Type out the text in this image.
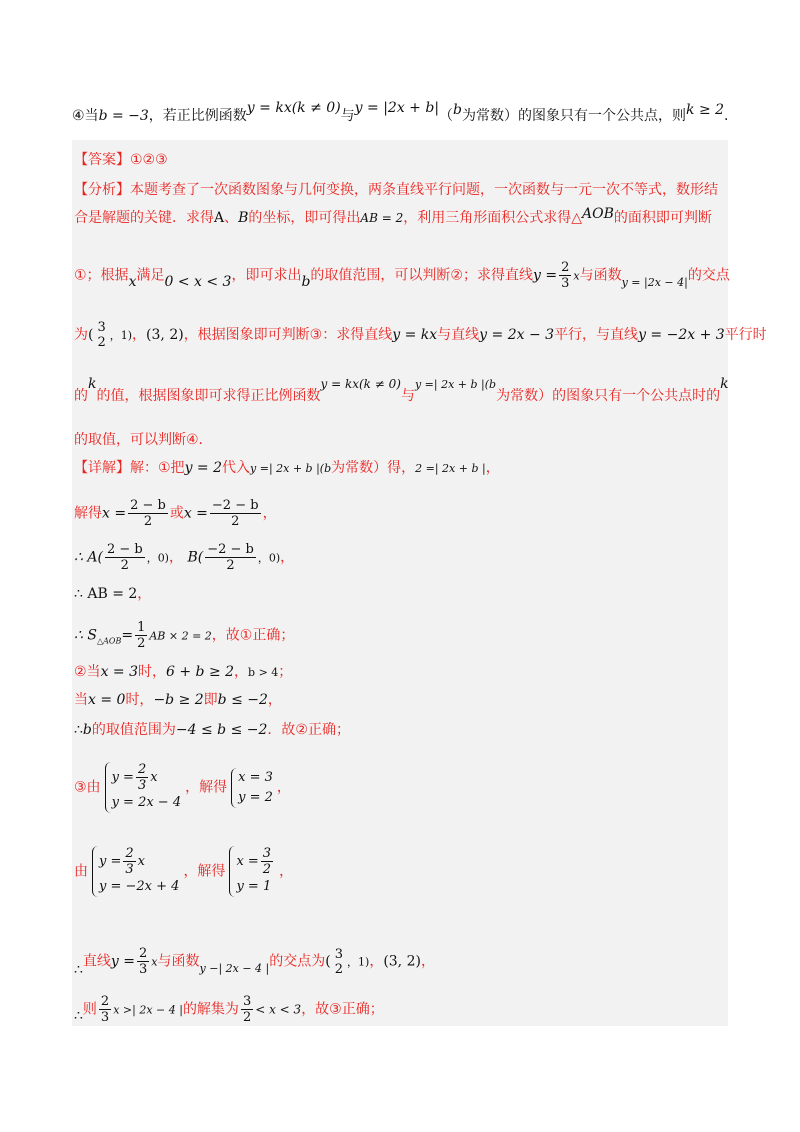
④当b = −3，若正比例函数y = kx(k ≠ 0)与y = |2x + b|（b为常数）的图象只有一个公共点，则k ≥ 2.
【答案】①②③
【分析】本题考查了一次函数图象与几何变换，两条直线平行问题，一次函数与一元一次不等式，数形结
合是解题的关键．求得A、B的坐标，即可得出AB = 2，利用三角形面积公式求得△AOB的面积即可判断
①；根据x满足0 < x < 3，即可求出b的取值范围，可以判断②；求得直线$y = \frac{2}{3}$ x与函数$_{y = |2x - 4|}$的交点
为( 3
2 ，1)，(3, 2)，根据图象即可判断③：求得直线y = kx与直线y = 2x − 3平行，与直线y = −2x + 3平行时
的k的值，根据图象即可求得正比例函数y = kx(k ≠ 0)与$^{y =| 2x + b |(b}$为常数）的图象只有一个公共点时的k
的取值，可以判断④．
【详解】解：①把y = 2代入y =| 2x + b |(b为常数）得，2 =| 2x + b |，
解得$x = \frac{2 - b}{2}$ 或$x = \frac{-2 - b}{2}$ ，
∴ $A( \frac{2 - b}{2}$ ，0)， $B( \frac{-2 - b}{2}$ ，0)，
∴ AB = 2，
∴ $S_{\triangle AOB}= \frac{1}{2}$ AB × 2 = 2，故①正确；
②当x = 3时，6 + b ≥ 2，b > 4；
当x = 0时，−b ≥ 2即b ≤ −2，
∴b的取值范围为−4 ≤ b ≤ −2．故②正确；
③由
$y = \frac{2}{3}$ x
y = 2x − 4
，解得
x = 3
y = 2
，
由
$y = \frac{2}{3}$ x
y = −2x + 4
，解得
$x = \frac{3}{2}$
y = 1
，
∴直线$y = \frac{2}{3}$ x与函数$_{y -| 2x - 4 |}$的交点为( 3
2 ，1)，(3, 2)，
∴则 $\frac{2}{3}$ x >| 2x − 4 |的解集为 $\frac{3}{2} < x < 3$，故③正确；
